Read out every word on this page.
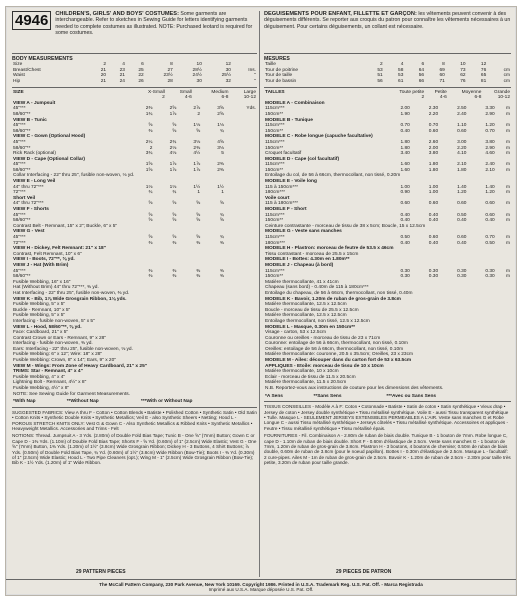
4946	CHILDREN'S, GIRLS' AND BOYS' COSTUMES: Some garments are interchangeable. Refer to sketches in Sewing Guide for letters identifying garments needed to complete costumes as illustrated. NOTE: Purchased leotard is required for some costumes.
BODY MEASUREMENTS
Size	2	4	6	8	10	12	
Breast/Chest	21	23	25	27	28½	30	Ins.
Waist	20	21	22	23½	24½	25½	"
Hip	21	24	26	28	30	32	"
SIZE	X-Small	Small	Medium	Large
	2	4-6	6-8	10-12
VIEW A - Jumpsuit					
45"***	2⅜	2⅝	2⅞	3⅝	Yds.
58/60"**	1¾	1⅞	2	2⅝	
VIEW B - Tunic					
45"***	⅝	⅝	1⅛	1⅛	
58/60"**	⅜	⅝	⅝	¾	
VIEW C - Gown (Optional Hood)					
45"***	2¼	2¾	3⅛	4⅝	
58/60"**	2	2⅛	2⅜	3⅛	
Rick Rack (optional)	3¾	4⅛	4½	5	
VIEW D - Cape (Optional Collar)					
45"***	1⅝	1⅞	1⅞	2⅜	
58/60"**	1⅝	1⅞	1⅞	2⅜	
Collar Interfacing - 22" thru 25", fusible non-woven, ⅛ yd.					
VIEW E - Long Veil					
44" thru 72"***	1⅛	1⅛	1½	1½	
72"***	¾	¾	1	1	
Short Veil					
44" thru 72"***	⅝	⅝	⅝	⅝	
VIEW F - Shorts					
45"***	⅝	⅝	⅝	¾	
58/60"**	⅝	⅝	⅝	⅝	
Contrast Belt - Remnant, 15" x 2"; Buckle, 6" x 5"					
VIEW G - Vest					
45"***	⅝	⅝	⅝	¾	
72"***	⅜	⅜	⅜	⅜	
VIEW H - Dickey, Felt Remnant: 21" x 18"					
Contrast, Felt Remnant, 10" x 6"					
VIEW I - Boots, 72"**, ⅜ yd.					
VIEW J - Hat (With Brim)					
45"***	⅜	⅜	⅜	⅜	
58/60"**	⅜	⅜	⅜	⅜	
Fusible Webbing, 16" x 16"					
Hat (Without Brim) 44" thru 72"***, ⅜ yd.					
Hat Interfacing - 22" thru 25", fusible non-woven, ⅜ yd.					
VIEW K - Bib, 1⅞ Wide Grosgrain Ribbon, 1⅛ yds.					
Fusible Webbing, 5" x 5"					
Buckle - Remnant, 10" x 5"					
Fusible Webbing, 5" x 5"					
Interfacing - fusible non-woven, 5" x 5"					
VIEW L - Hood, 58/60"**, ⅜ yd.					
Face: Cardboard, 21" x 5"					
Contrast Crown or Ears - Remnant, 9" x 28"					
Interfacing - fusible non-woven, ⅜ yd.					
Ears: Interfacing - 22" thru 25", fusible non-woven, ⅛ yd.					
Fusible Webbing: 6" x 12"; Wire: 18" x 28"					
Fusible Webbing: Crown, 8" x 14"; Ears, 9" x 20"					
VIEW M - Wings: From Zone of Heavy Cardboard, 21" x 25"					
TRIMS: Star - Remnant, 4" x 4"					
Fusible Webbing, 4" x 4"					
Lightning Bolt - Remnant, 4½" x 8"					
Fusible Webbing, 4½" x 8"					
NOTE: See Sewing Guide for Garment Measurements.					
*With Nap	**Without Nap	***With or Without Nap
SUGGESTED FABRICS: View A thru F - Cotton • Cotton Blends • Batiste • Polished Cotton • Synthetic Satin • Old Satin • Cotton Knits • Synthetic Double Knits • Synthetic Metallics; Veil E - also Synthetic Sheers • Netting; Hood L - POROUS STRETCH KNITS ONLY: Vest G & Gown C - Also Synthetic Metallics & Ribbed Knits • Synthetic Metallics • Heavyweight Metallics. Accessories and Trims - Felt
NOTIONS: Thread. Jumpsuit A - 3 Yds. (2.80m) of Double Fold Bias Tape; Tunic B - One ⅝" (7mm) Button; Gown C or Cape D - 1⅜ Yds. (1.10m) of Double Fold Bias Tape; Shorts F - ⅝ Yd. (0.60m) of 1" (2.5cm) Wide Elastic; Vest G - One ⅝" (7mm) Button, 1⅜ Yds. (1.20m) of 1½" (3.8cm) Wide Grosgrain Ribbon; Dickey H - 3 Buttons, 4 Shirt Buttons; ⅞ Yds. (0.50m) of Double Fold Bias Tape, ¾ Yd. (0.60m) of 1½" (3.8cm) Wide Ribbon (Bow-Tie); Boots I - ⅜ Yd. (0.30m) of 1" (2.5cm) Wide Elastic; Hood L - Two Pipe Cleaners (opt.); Wing M - 1" (2.5cm) Wide Grosgrain Ribbon (Bow-Tie); Bib K - 1½ Yds. (1.20m) of 1" Wide Ribbon.
DEGUISEMENTS POUR ENFANT, FILLETTE ET GARÇON: les vêtements peuvent convenir à des déguisements différents. Se reporter aux croquis du patron pour connaître les vêtements nécessaires à un déguisement. Pour certains déguisements, un collant est nécessaire.
MESURES
Taille	2	4	6	8	10	12	
Tour de poitrine	53	58	64	69	73	76	cm
Tour de taille	51	53	56	60	62	65	cm
Tour de bassin	56	61	66	71	76	81	cm
TAILLES	Toute petite	Petite	Moyenne	Grande
	2	4-6	6-8	10-12
MODELE A - Combinaison					
115cm***	2.00	2.30	2.50	3.30	m
150cm**	1.90	2.20	2.40	2.90	m
MODELE B - Tunique					
115cm***	0.70	0.70	1.10	1.20	m
150cm**	0.40	0.60	0.60	0.70	m
MODELE C - Robe longue (capuche facultative)					
115cm***	1.80	2.60	3.00	3.80	m
150cm**	1.80	2.00	2.20	2.90	m
Croquet facultatif	3.40	3.80	4.10	4.60	m
MODELE D - Cape (col facultatif)					
115cm***	1.60	1.80	2.10	2.40	m
150cm**	1.60	1.80	1.80	2.10	m
Entoilage du col, de 56 à 66cm, thermocollant, non tissé, 0.20m					
MODELE E - Voile long					
115 à 150cm***	1.00	1.00	1.40	1.40	m
180cm***	0.90	1.00	1.20	1.20	m
Voile court					
115 à 180cm***	0.60	0.60	0.60	0.60	m
MODELE F - Short					
115cm***	0.40	0.40	0.50	0.60	m
150cm**	0.40	0.40	0.40	0.40	m
Ceinture contrastante - morceau de tissu de 38 x 5cm; Boucle, 15 x 12.5cm					
MODELE G - Veste sans manches					
115cm***	0.50	0.60	0.60	0.70	m
180cm***	0.40	0.40	0.40	0.50	m
MODELE H - Plastron: morceau de feutre de 53.5 x 46cm					
Tissu contrastant - morceau de 25.5 x 15cm					
MODELE I - Bottes: 4.30m en 1.80m**					
MODELE J - Chapeau (à bord)					
115cm***	0.30	0.30	0.30	0.30	m
150cm**	0.30	0.30	0.30	0.30	m
Matière thermocollante, 41 x 41cm					
Chapeau (sans bord) - 0.40m de 115 à 180cm***					
Entoilage du chapeau, de 56 à 66cm, thermocollant, non tissé, 0.40m					
MODELE K - Bavoir, 1.20m de ruban de gros-grain de 3.8cm					
Matière thermocollante, 12.5 x 12.5cm					
Boucle - morceau de tissu de 25.5 x 12.5cm					
Matière thermocollante, 12.5 x 12.5cm					
Entoilage thermocollant, non tissé, 12.5 x 12.5cm					
MODELE L - Masque, 0.30m en 150cm**					
Visage - carton, 53 x 12.5cm					
Couronne ou oreilles - morceau de tissu de 23 x 71cm					
Couronne: entoilage de 56 à 66cm, thermocollant, non tissé, 0.10m					
Oreilles: entoilage de 56 à 66cm, thermocollant, non tissé, 0.10m					
Matière thermocollante: couronne, 20.5 x 35.5cm; Oreilles, 23 x 23cm					
MODELE M - Ailes: découper dans du carton fort de 53 x 63.5cm					
APPLIQUES - Etoile: morceau de tissu de 10 x 10cm					
Matière thermocollante, 10 x 10cm					
Eclair - morceau de tissu de 11.5 x 20.5cm					
Matière thermocollante, 11.5 x 20.5cm					
N.B. Reportez-vous aux instructions de couture pour les dimensions des vêtements.					
*A Sens	**Sans Sens	***Avec ou Sans Sens
TISSUS CONSEILLES - Modèle A à F: Coton • Cotonnade • Batiste • Satin de coton • Satin synthétique • Vieux drap • Jersey de coton • Jersey double synthétique • Tissu métallisé synthétique. Voile E - aussi Tissu transparent synthétique • Tulle. Masque L - SEULEMENT JERSEYS EXTENSIBLES PERMEABLES A L'AIR. Veste sans manches G et Robe Longue C - aussi Tissu métallisé synthétique • Jerseys côtelés • Tissu métallisé synthétique. Accessoires et appliques - Feutre • Tissu métallisé synthétique • Tissu métallisé épais.
FOURNITURES - Fil. Combinaison A - 2.80m de ruban de biais double. Tunique B - 1 bouton de 7mm. Robe longue C, cape D - 1.10m de ruban de biais double. Short F - 0.60m d'élastique de 2.5cm. Veste sans manches G - 1 bouton de 7mm, 1.20m de ruban de gros-grain de 3.8cm. Plastron H - 3 boutons, 4 boutons de chemise; 0.50m de ruban de biais double, 0.60m de ruban de 3.8cm (pour le noeud papillon). Bottes I - 0.30m d'élastique de 2.5cm. Masque L - facultatif: 2 cure-pipes. Ailes M - 1m de ruban de gros-grain de 2.5cm. Bavoir K - 1.20m de ruban de 2.5cm - 2.30m pour taille très petite, 3.20m de ruban pour taille grande.
29 PATTERN PIECES	29 PIECES DE PATRON
The McCall Pattern Company, 230 Park Avenue, New York 10169. Copyright 1986. Printed in U.S.A. Trademark Reg. U.S. Pat. Off. - Marca Registrada
Imprimé aux U.S.A. Marque déposée U.S. Pat. Off.
